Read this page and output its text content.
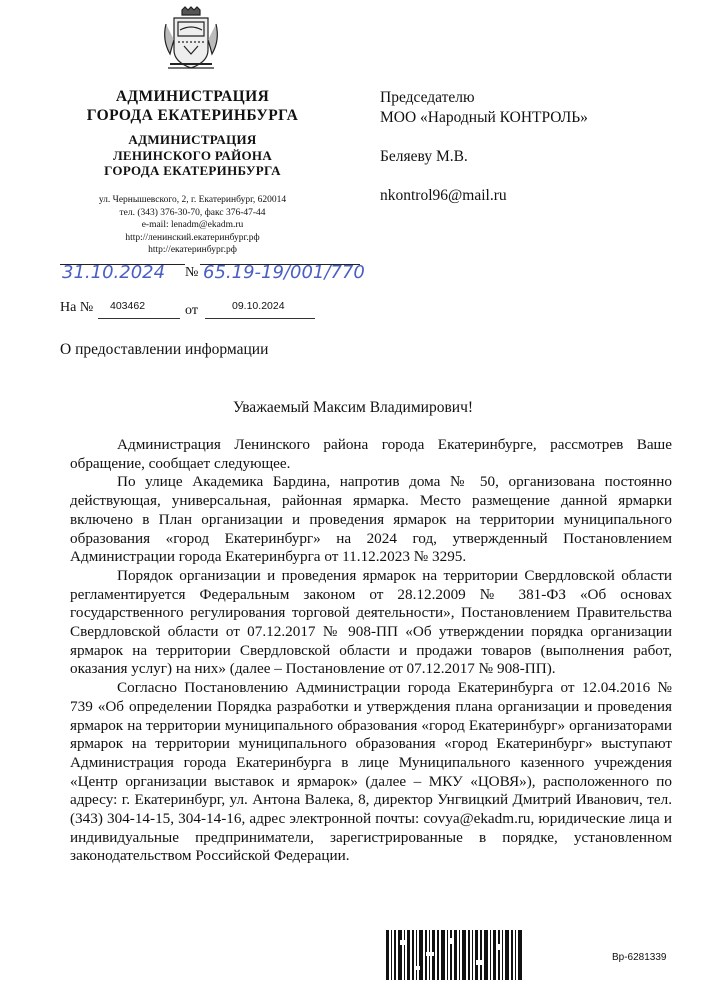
АДМИНИСТРАЦИЯ
ГОРОДА ЕКАТЕРИНБУРГА
АДМИНИСТРАЦИЯ
ЛЕНИНСКОГО РАЙОНА
ГОРОДА ЕКАТЕРИНБУРГА
ул. Чернышевского, 2, г. Екатеринбург, 620014
тел. (343) 376-30-70, факс 376-47-44
e-mail: lenadm@ekadm.ru
http://ленинский.екатеринбург.рф
http://екатеринбург.рф
Председателю
МОО «Народный КОНТРОЛЬ»
Беляеву М.В.
nkontrol96@mail.ru
31.10.2024 № 65.19-19/001/770
На № 403462	от	09.10.2024
О предоставлении информации
Уважаемый Максим Владимирович!

Администрация Ленинского района города Екатеринбурге, рассмотрев Ваше обращение, сообщает следующее.

По улице Академика Бардина, напротив дома № 50, организована постоянно действующая, универсальная, районная ярмарка. Место размещение данной ярмарки включено в План организации и проведения ярмарок на территории муниципального образования «город Екатеринбург» на 2024 год, утвержденный Постановлением Администрации города Екатеринбурга от 11.12.2023 № 3295.

Порядок организации и проведения ярмарок на территории Свердловской области регламентируется Федеральным законом от 28.12.2009 № 381-ФЗ «Об основах государственного регулирования торговой деятельности», Постановлением Правительства Свердловской области от 07.12.2017 № 908-ПП «Об утверждении порядка организации ярмарок на территории Свердловской области и продажи товаров (выполнения работ, оказания услуг) на них» (далее – Постановление от 07.12.2017 № 908-ПП).

Согласно Постановлению Администрации города Екатеринбурга от 12.04.2016 № 739 «Об определении Порядка разработки и утверждения плана организации и проведения ярмарок на территории муниципального образования «город Екатеринбург» организаторами ярмарок на территории муниципального образования «город Екатеринбург» выступают Администрация города Екатеринбурга в лице Муниципального казенного учреждения «Центр организации выставок и ярмарок» (далее – МКУ «ЦОВЯ»), расположенного по адресу: г. Екатеринбург, ул. Антона Валека, 8, директор Унгвицкий Дмитрий Иванович, тел. (343) 304-14-15, 304-14-16, адрес электронной почты: covya@ekadm.ru, юридические лица и индивидуальные предприниматели, зарегистрированные в порядке, установленном законодательством Российской Федерации.

Вр-6281339
